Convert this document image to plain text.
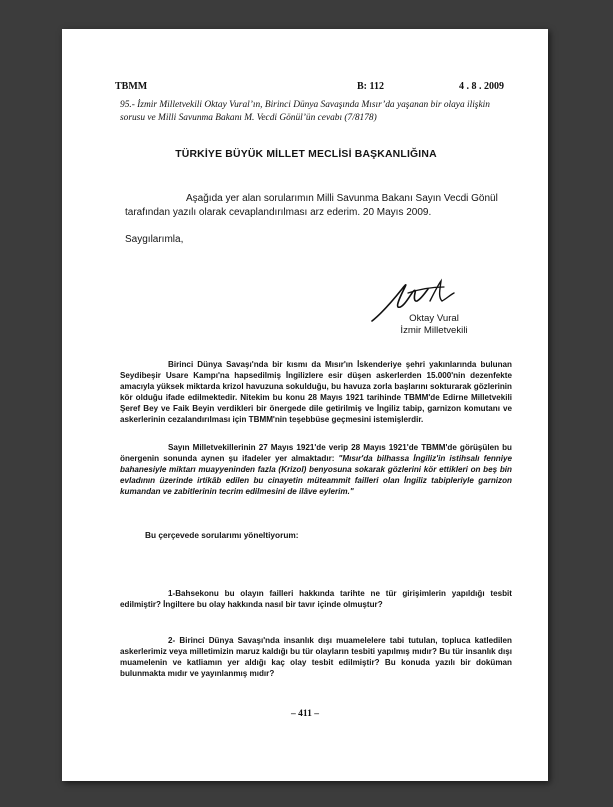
TBMM	B: 112	4 . 8 . 2009
95.- İzmir Milletvekili Oktay Vural’ın, Birinci Dünya Savaşında Mısır’da yaşanan bir olaya ilişkin sorusu ve Milli Savunma Bakanı M. Vecdi Gönül’ün cevabı (7/8178)
TÜRKİYE BÜYÜK MİLLET MECLİSİ BAŞKANLIĞINA
Aşağıda yer alan sorularımın Milli Savunma Bakanı Sayın Vecdi Gönül tarafından yazılı olarak cevaplandırılması arz ederim. 20 Mayıs 2009.
Saygılarımla,
Oktay Vural
İzmir Milletvekili
Birinci Dünya Savaşı'nda bir kısmı da Mısır'ın İskenderiye şehri yakınlarında bulunan Seydibeşir Usare Kampı'na hapsedilmiş İngilizlere esir düşen askerlerden 15.000'nin dezenfekte amacıyla yüksek miktarda krizol havuzuna sokulduğu, bu havuza zorla başlarını sokturarak gözlerinin kör olduğu ifade edilmektedir. Nitekim bu konu 28 Mayıs 1921 tarihinde TBMM'de Edirne Milletvekili Şeref Bey ve Faik Beyin verdikleri bir önergede dile getirilmiş ve İngiliz tabip, garnizon komutanı ve askerlerinin cezalandırılması için TBMM'nin teşebbüse geçmesini istemişlerdir.
Sayın Milletvekillerinin 27 Mayıs 1921'de verip 28 Mayıs 1921'de TBMM'de görüşülen bu önergenin sonunda aynen şu ifadeler yer almaktadır: "Mısır'da bilhassa İngiliz'in istihsalı fenniye bahanesiyle miktarı muayyeninden fazla (Krizol) benyosuna sokarak gözlerini kör ettikleri on beş bin evladının üzerinde irtikâb edilen bu cinayetin müteammit failleri olan İngiliz tabipleriyle garnizon kumandan ve zabitlerinin tecrim edilmesini de ilâve eylerim."
Bu çerçevede sorularımı yöneltiyorum:
1-Bahsekonu bu olayın failleri hakkında tarihte ne tür girişimlerin yapıldığı tesbit edilmiştir? İngiltere bu olay hakkında nasıl bir tavır içinde olmuştur?
2- Birinci Dünya Savaşı'nda insanlık dışı muamelelere tabi tutulan, topluca katledilen askerlerimiz veya milletimizin maruz kaldığı bu tür olayların tesbiti yapılmış mıdır? Bu tür insanlık dışı muamelenin ve katliamın yer aldığı kaç olay tesbit edilmiştir? Bu konuda yazılı bir doküman bulunmakta mıdır ve yayınlanmış mıdır?
– 411 –
